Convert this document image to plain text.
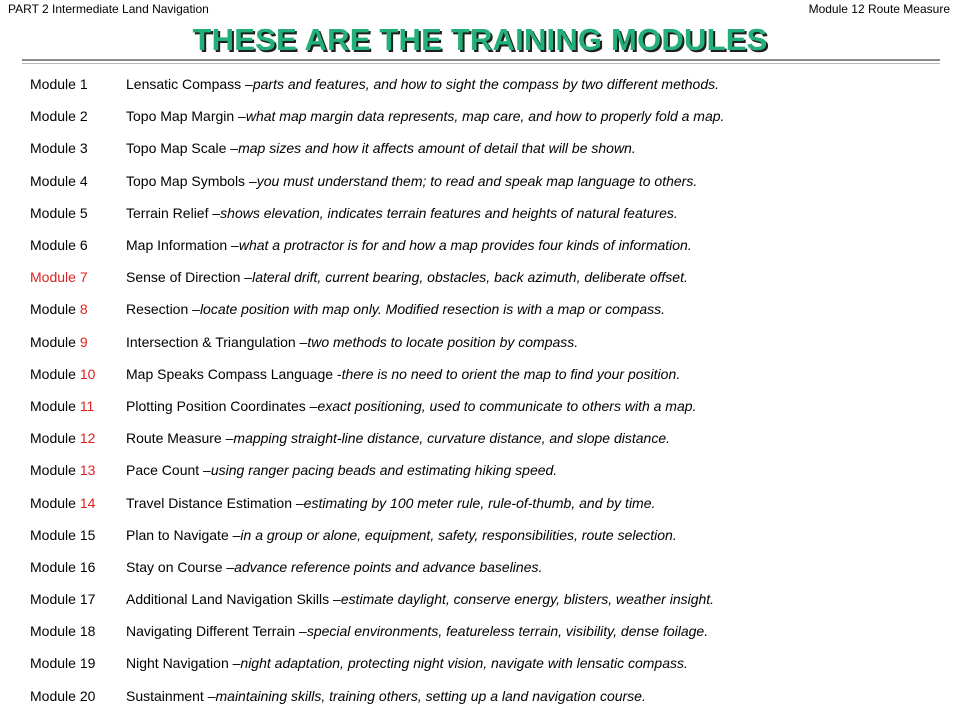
PART 2 Intermediate Land Navigation	Module 12 Route Measure
THESE ARE THE TRAINING MODULES
Module 1	Lensatic Compass – parts and features, and how to sight the compass by two different methods.
Module 2	Topo Map Margin – what map margin data represents, map care, and how to properly fold a map.
Module 3	Topo Map Scale – map sizes and how it affects amount of detail that will be shown.
Module 4	Topo Map Symbols – you must understand them; to read and speak map language to others.
Module 5	Terrain Relief – shows elevation, indicates terrain features and heights of natural features.
Module 6	Map Information – what a protractor is for and how a map provides four kinds of information.
Module 7	Sense of Direction – lateral drift, current bearing, obstacles, back azimuth, deliberate offset.
Module 8	Resection – locate position with map only. Modified resection is with a map or compass.
Module 9	Intersection & Triangulation – two methods to locate position by compass.
Module 10	Map Speaks Compass Language - there is no need to orient the map to find your position.
Module 11	Plotting Position Coordinates – exact positioning, used to communicate to others with a map.
Module 12	Route Measure – mapping straight-line distance, curvature distance, and slope distance.
Module 13	Pace Count – using ranger pacing beads and estimating hiking speed.
Module 14	Travel Distance Estimation – estimating by 100 meter rule, rule-of-thumb, and by time.
Module 15	Plan to Navigate – in a group or alone, equipment, safety, responsibilities, route selection.
Module 16	Stay on Course – advance reference points and advance baselines.
Module 17	Additional Land Navigation Skills – estimate daylight, conserve energy, blisters, weather insight.
Module 18	Navigating Different Terrain – special environments, featureless terrain, visibility, dense foilage.
Module 19	Night Navigation – night adaptation, protecting night vision, navigate with lensatic compass.
Module 20	Sustainment – maintaining skills, training others, setting up a land navigation course.
